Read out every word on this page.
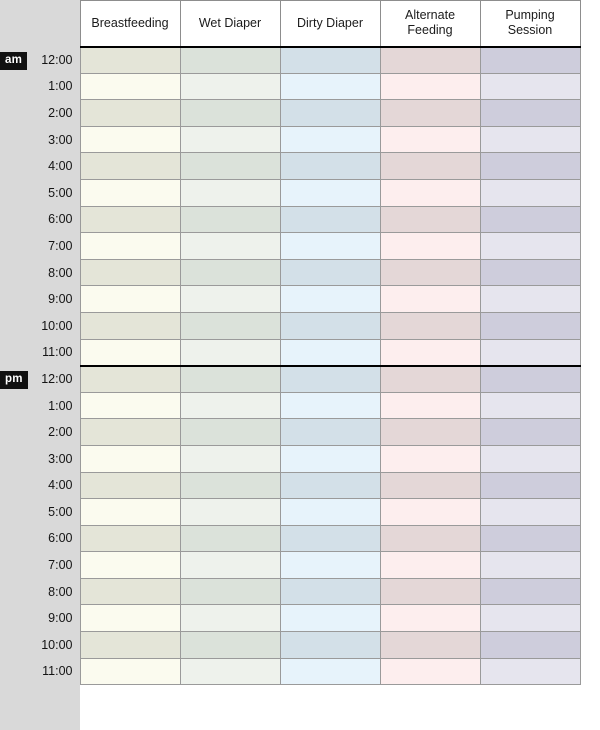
		Breastfeeding	Wet Diaper	Dirty Diaper	Alternate Feeding	Pumping Session
am	12:00					
	1:00					
	2:00					
	3:00					
	4:00					
	5:00					
	6:00					
	7:00					
	8:00					
	9:00					
	10:00					
	11:00					
pm	12:00					
	1:00					
	2:00					
	3:00					
	4:00					
	5:00					
	6:00					
	7:00					
	8:00					
	9:00					
	10:00					
	11:00					
